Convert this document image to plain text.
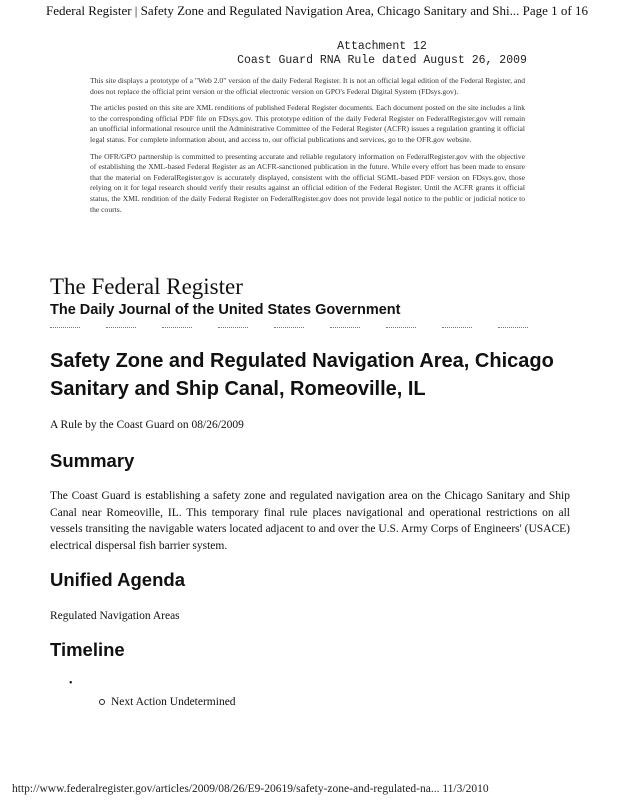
Federal Register | Safety Zone and Regulated Navigation Area, Chicago Sanitary and Shi... Page 1 of 16
Attachment 12
Coast Guard RNA Rule dated August 26, 2009

This site displays a prototype of a "Web 2.0" version of the daily Federal Register. It is not an official legal edition of the Federal Register, and does not replace the official print version or the official electronic version on GPO's Federal Digital System (FDsys.gov).

The articles posted on this site are XML renditions of published Federal Register documents. Each document posted on the site includes a link to the corresponding official PDF file on FDsys.gov. This prototype edition of the daily Federal Register on FederalRegister.gov will remain an unofficial informational resource until the Administrative Committee of the Federal Register (ACFR) issues a regulation granting it official legal status. For complete information about, and access to, our official publications and services, go to the OFR.gov website.

The OFR/GPO partnership is committed to presenting accurate and reliable regulatory information on FederalRegister.gov with the objective of establishing the XML-based Federal Register as an ACFR-sanctioned publication in the future. While every effort has been made to ensure that the material on FederalRegister.gov is accurately displayed, consistent with the official SGML-based PDF version on FDsys.gov, those relying on it for legal research should verify their results against an official edition of the Federal Register. Until the ACFR grants it official status, the XML rendition of the daily Federal Register on FederalRegister.gov does not provide legal notice to the public or judicial notice to the courts.

The Federal Register
The Daily Journal of the United States Government
Safety Zone and Regulated Navigation Area, Chicago Sanitary and Ship Canal, Romeoville, IL
A Rule by the Coast Guard on 08/26/2009
Summary
The Coast Guard is establishing a safety zone and regulated navigation area on the Chicago Sanitary and Ship Canal near Romeoville, IL. This temporary final rule places navigational and operational restrictions on all vessels transiting the navigable waters located adjacent to and over the U.S. Army Corps of Engineers' (USACE) electrical dispersal fish barrier system.
Unified Agenda
Regulated Navigation Areas
Timeline
•
Next Action Undetermined
http://www.federalregister.gov/articles/2009/08/26/E9-20619/safety-zone-and-regulated-na... 11/3/2010
